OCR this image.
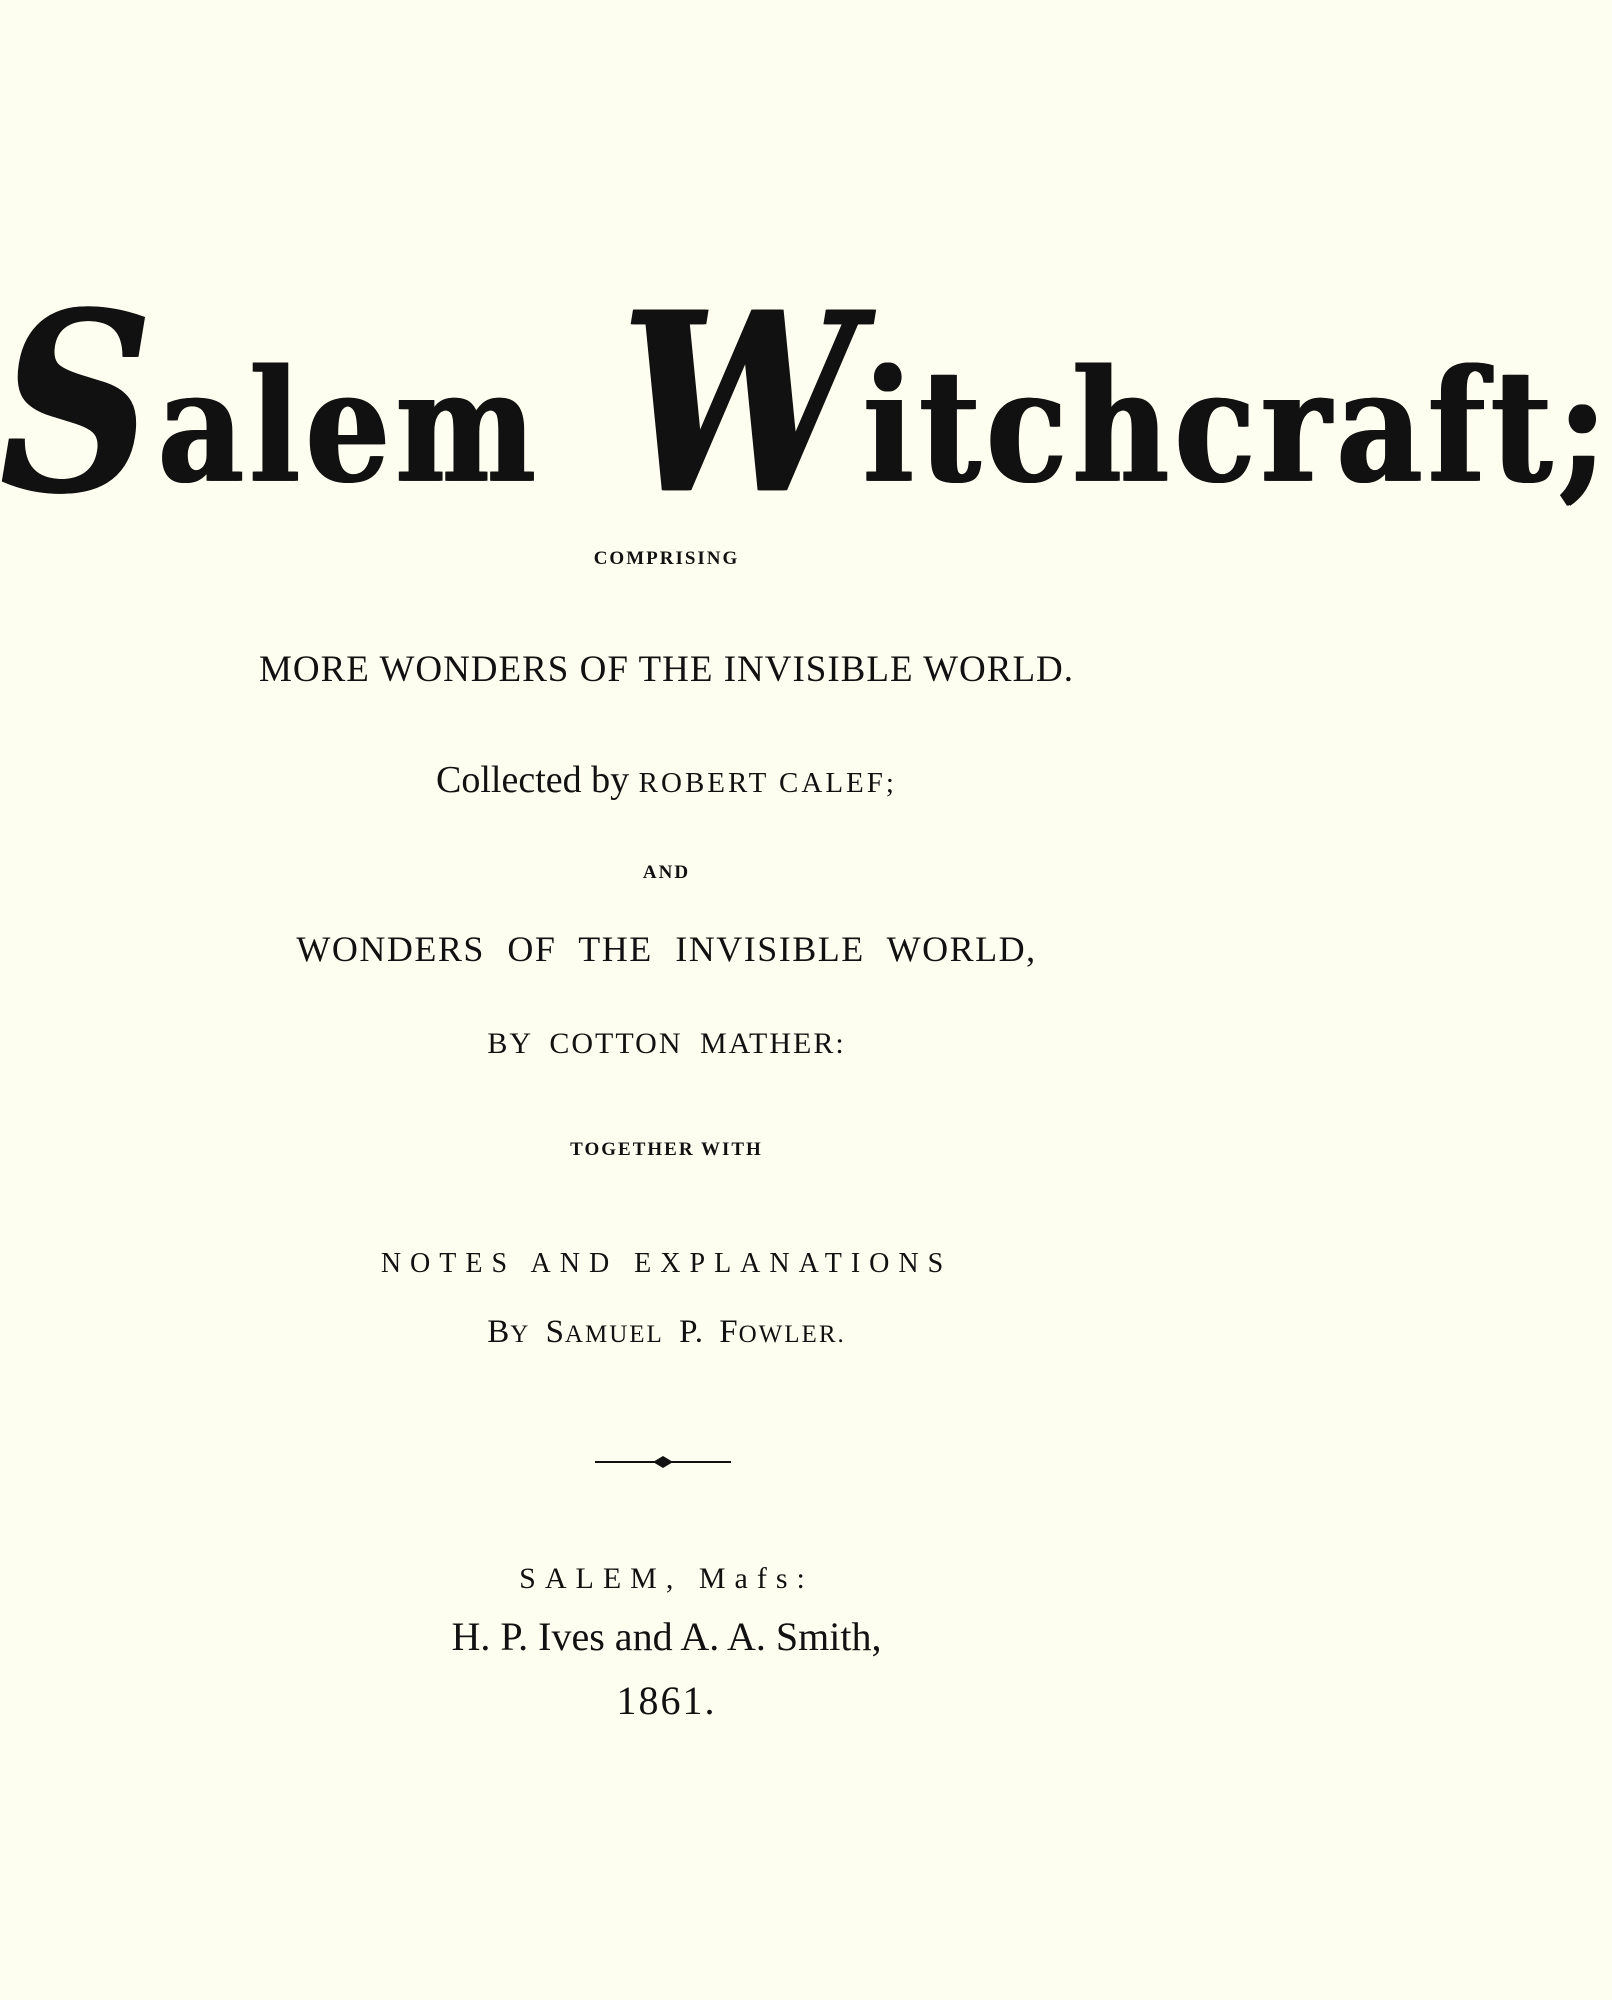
Salem Witchcraft;
COMPRISING
MORE WONDERS OF THE INVISIBLE WORLD.
Collected by ROBERT CALEF;
AND
WONDERS OF THE INVISIBLE WORLD,
BY COTTON MATHER:
TOGETHER WITH
NOTES AND EXPLANATIONS
BY SAMUEL P. FOWLER.
SALEM, Mafs:
H. P. Ives and A. A. Smith,
1861.
